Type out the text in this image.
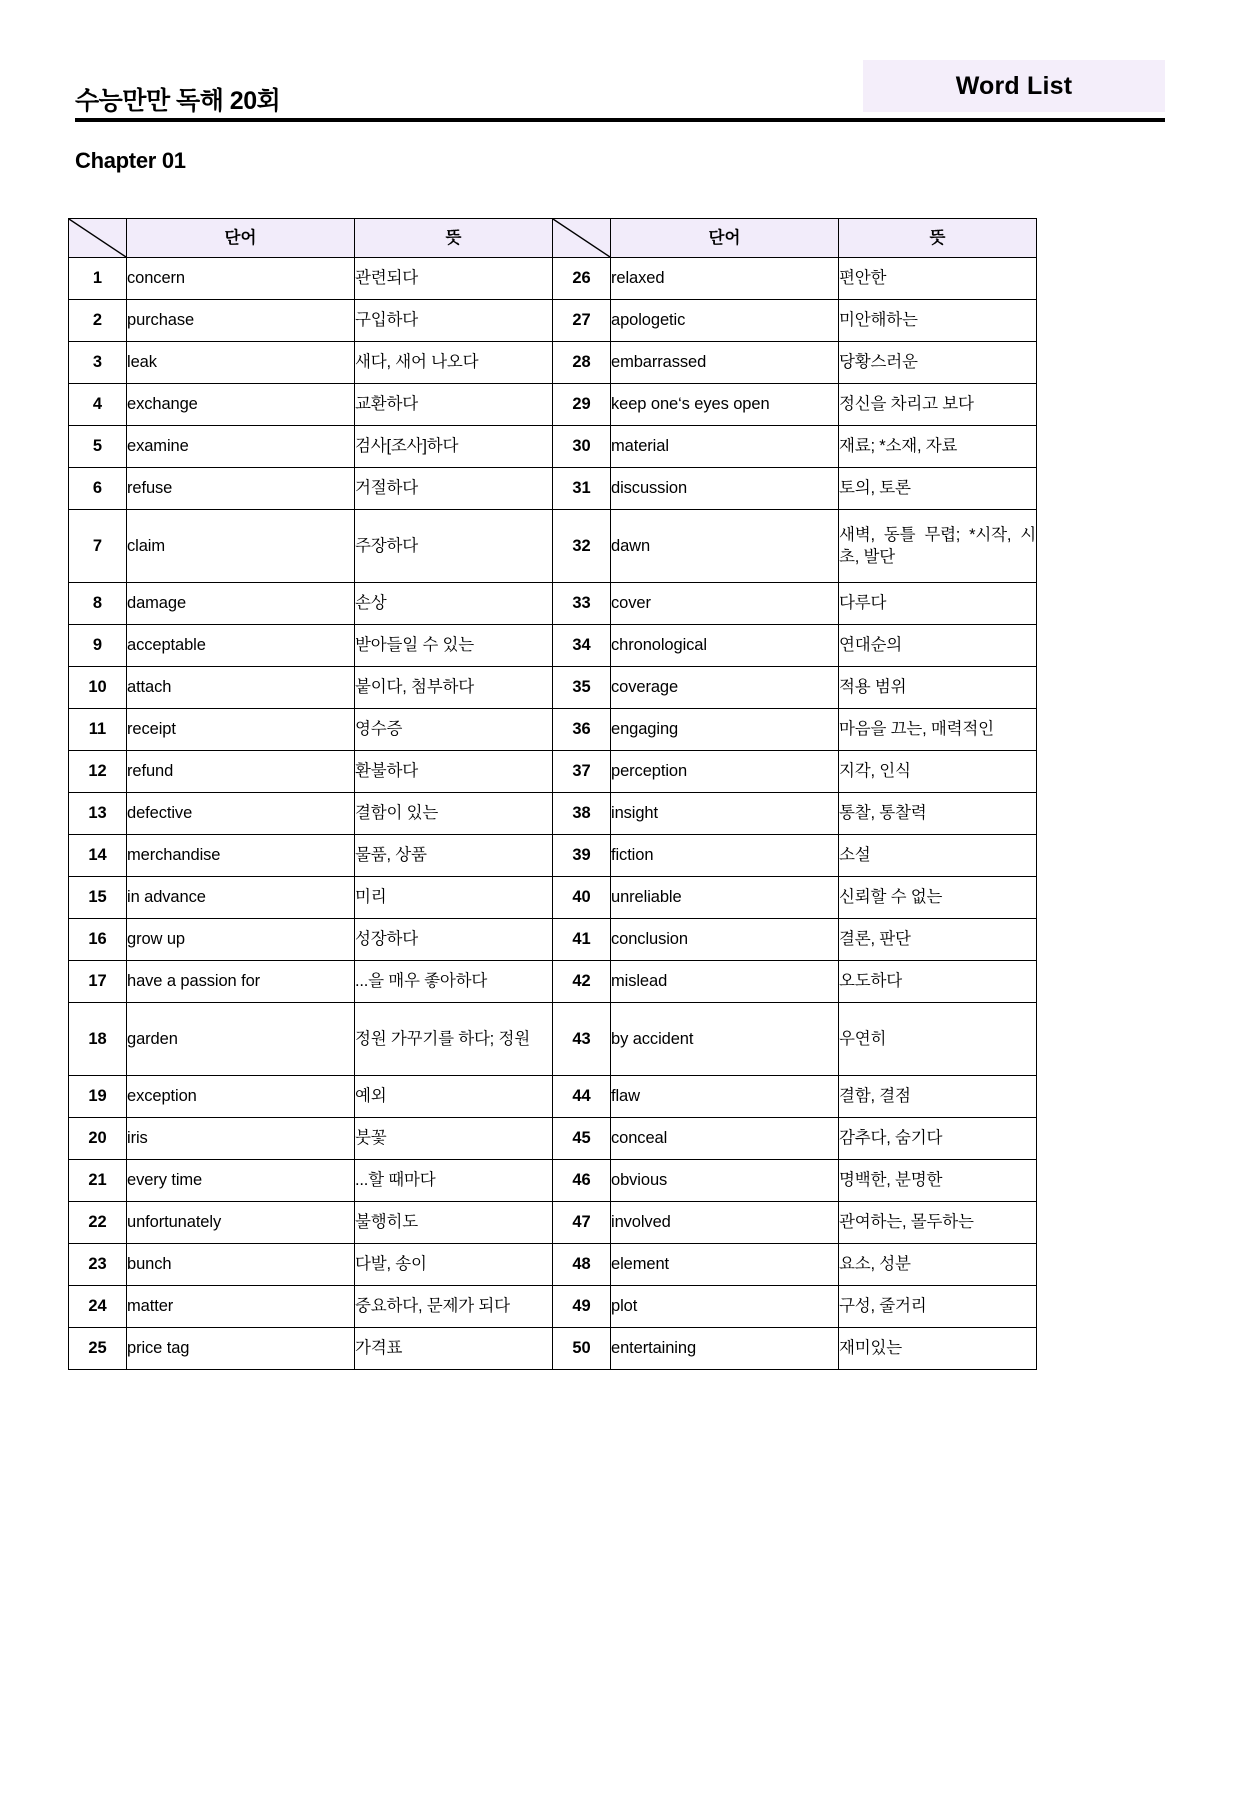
수능만만 독해 20회
Word List
Chapter 01
	단어	뜻		단어	뜻
1	concern	관련되다	26	relaxed	편안한
2	purchase	구입하다	27	apologetic	미안해하는
3	leak	새다, 새어 나오다	28	embarrassed	당황스러운
4	exchange	교환하다	29	keep one‘s eyes open	정신을 차리고 보다
5	examine	검사[조사]하다	30	material	재료; *소재, 자료
6	refuse	거절하다	31	discussion	토의, 토론
7	claim	주장하다	32	dawn	새벽, 동틀 무렵; *시작, 시초, 발단
8	damage	손상	33	cover	다루다
9	acceptable	받아들일 수 있는	34	chronological	연대순의
10	attach	붙이다, 첨부하다	35	coverage	적용 범위
11	receipt	영수증	36	engaging	마음을 끄는, 매력적인
12	refund	환불하다	37	perception	지각, 인식
13	defective	결함이 있는	38	insight	통찰, 통찰력
14	merchandise	물품, 상품	39	fiction	소설
15	in advance	미리	40	unreliable	신뢰할 수 없는
16	grow up	성장하다	41	conclusion	결론, 판단
17	have a passion for	...을 매우 좋아하다	42	mislead	오도하다
18	garden	정원 가꾸기를 하다; 정원	43	by accident	우연히
19	exception	예외	44	flaw	결함, 결점
20	iris	붓꽃	45	conceal	감추다, 숨기다
21	every time	...할 때마다	46	obvious	명백한, 분명한
22	unfortunately	불행히도	47	involved	관여하는, 몰두하는
23	bunch	다발, 송이	48	element	요소, 성분
24	matter	중요하다, 문제가 되다	49	plot	구성, 줄거리
25	price tag	가격표	50	entertaining	재미있는
